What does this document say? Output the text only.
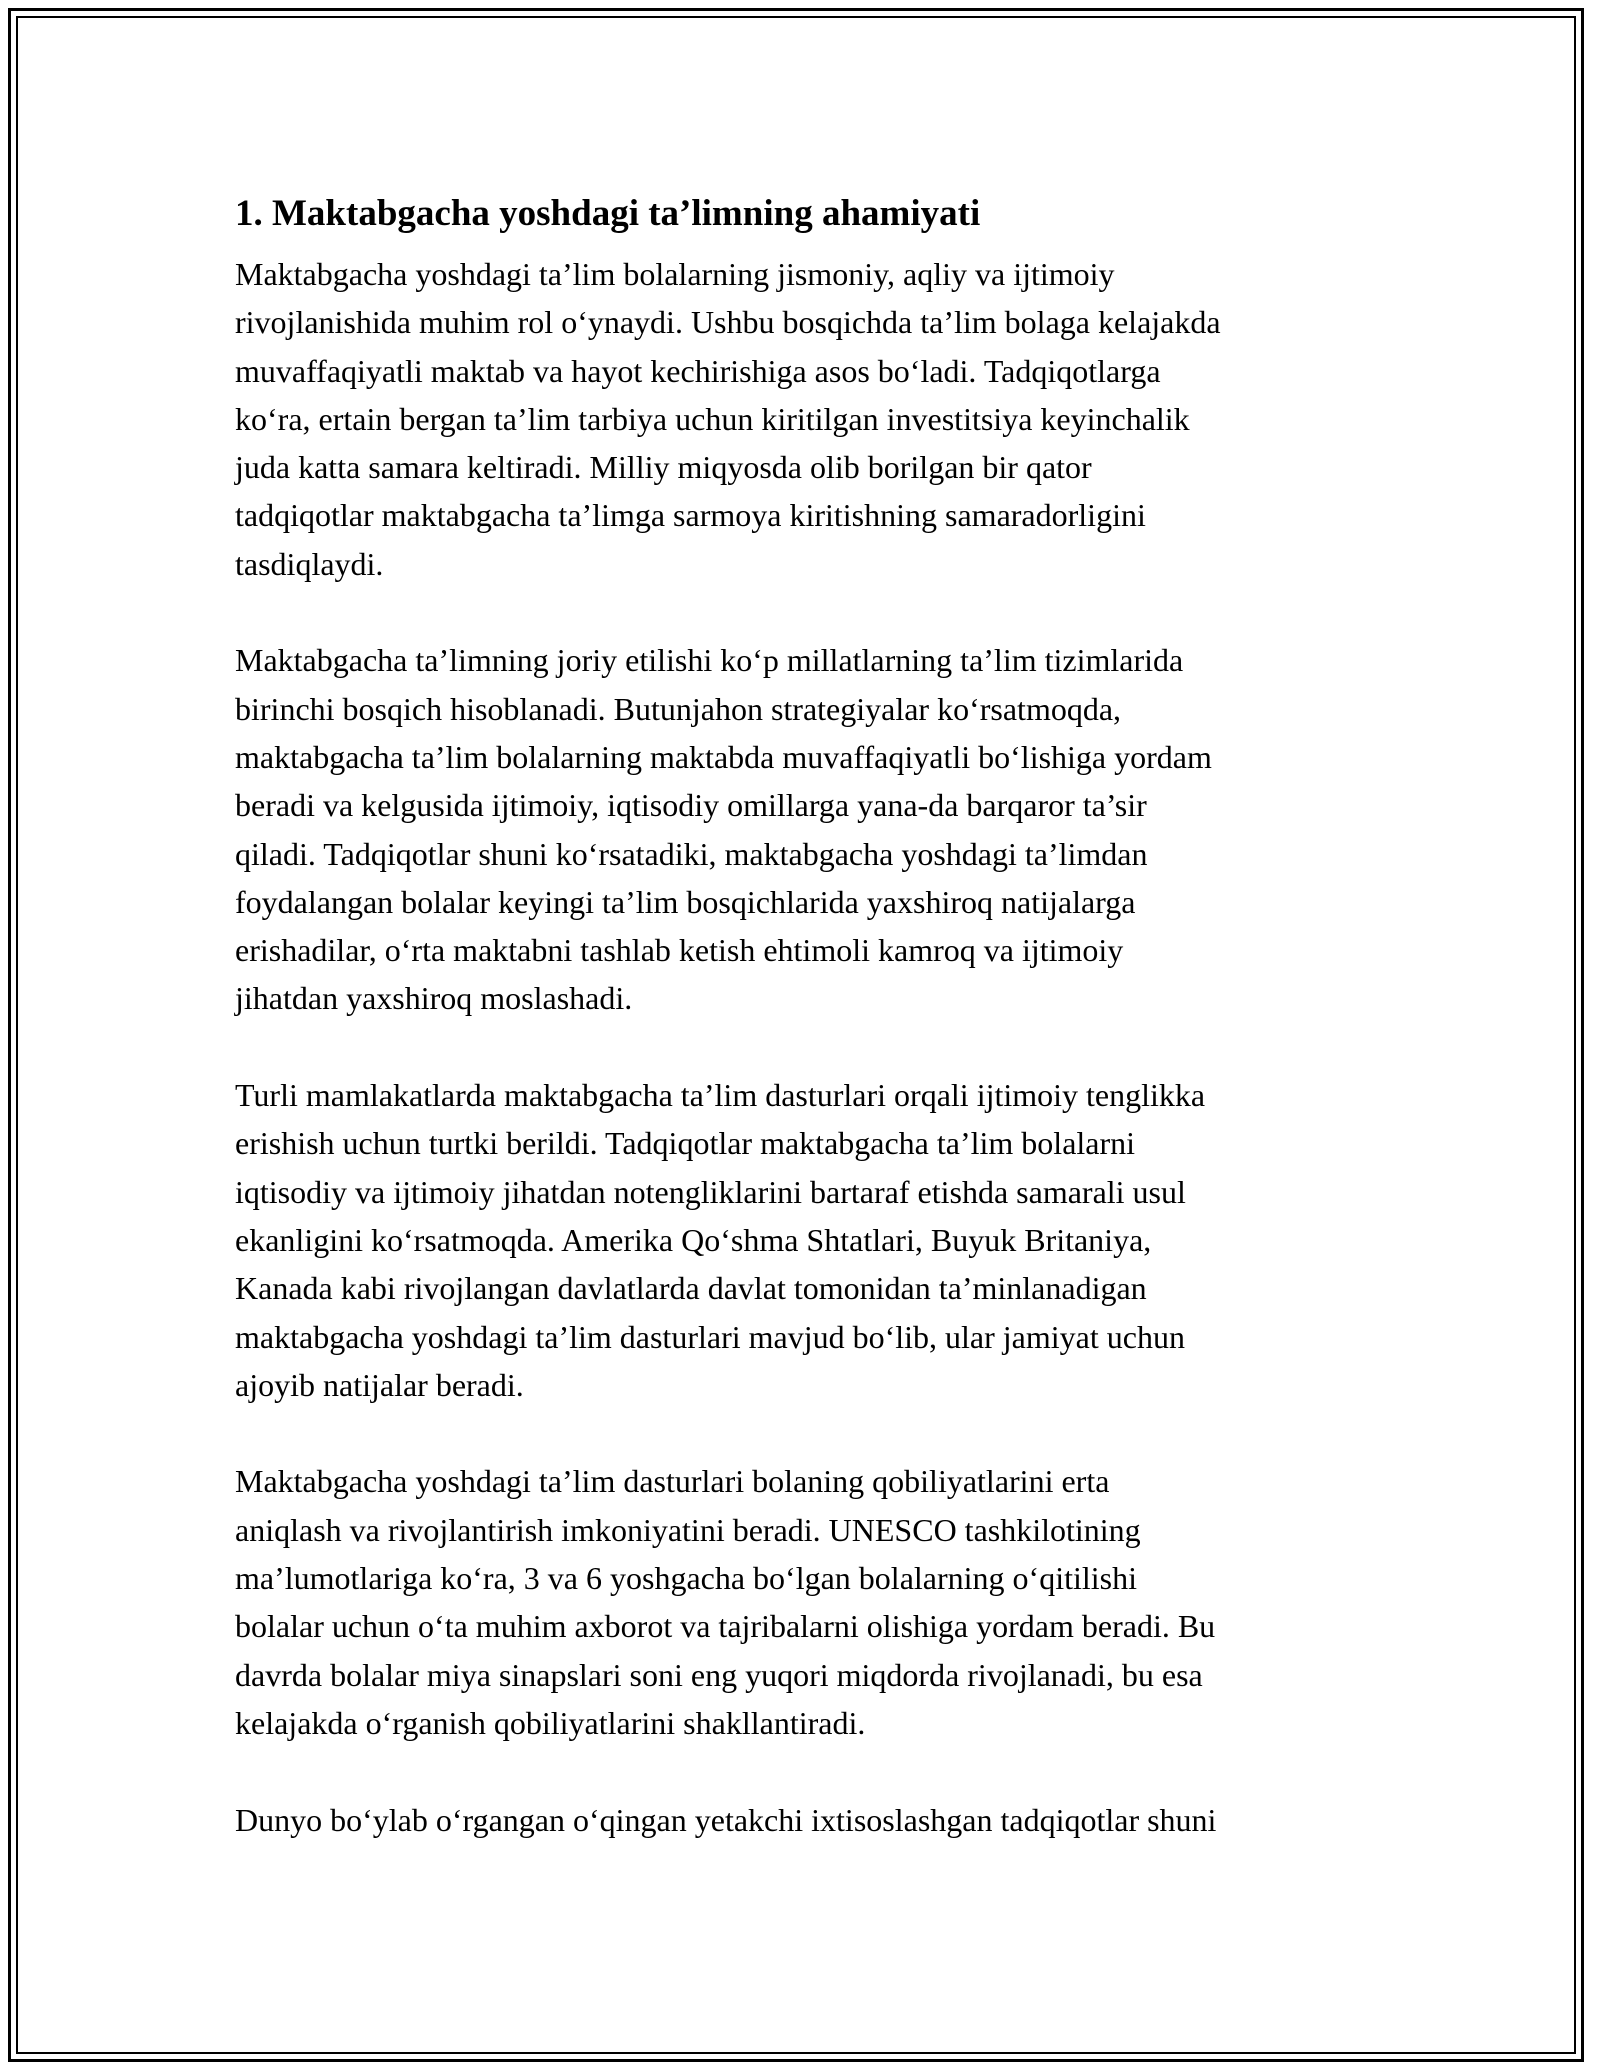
1. Maktabgacha yoshdagi ta’limning ahamiyati
Maktabgacha yoshdagi ta’lim bolalarning jismoniy, aqliy va ijtimoiy
rivojlanishida muhim rol o‘ynaydi. Ushbu bosqichda ta’lim bolaga kelajakda
muvaffaqiyatli maktab va hayot kechirishiga asos bo‘ladi. Tadqiqotlarga
ko‘ra, ertain bergan ta’lim tarbiya uchun kiritilgan investitsiya keyinchalik
juda katta samara keltiradi. Milliy miqyosda olib borilgan bir qator
tadqiqotlar maktabgacha ta’limga sarmoya kiritishning samaradorligini
tasdiqlaydi.
Maktabgacha ta’limning joriy etilishi ko‘p millatlarning ta’lim tizimlarida
birinchi bosqich hisoblanadi. Butunjahon strategiyalar ko‘rsatmoqda,
maktabgacha ta’lim bolalarning maktabda muvaffaqiyatli bo‘lishiga yordam
beradi va kelgusida ijtimoiy, iqtisodiy omillarga yana-da barqaror ta’sir
qiladi. Tadqiqotlar shuni ko‘rsatadiki, maktabgacha yoshdagi ta’limdan
foydalangan bolalar keyingi ta’lim bosqichlarida yaxshiroq natijalarga
erishadilar, o‘rta maktabni tashlab ketish ehtimoli kamroq va ijtimoiy
jihatdan yaxshiroq moslashadi.
Turli mamlakatlarda maktabgacha ta’lim dasturlari orqali ijtimoiy tenglikka
erishish uchun turtki berildi. Tadqiqotlar maktabgacha ta’lim bolalarni
iqtisodiy va ijtimoiy jihatdan notengliklarini bartaraf etishda samarali usul
ekanligini ko‘rsatmoqda. Amerika Qo‘shma Shtatlari, Buyuk Britaniya,
Kanada kabi rivojlangan davlatlarda davlat tomonidan ta’minlanadigan
maktabgacha yoshdagi ta’lim dasturlari mavjud bo‘lib, ular jamiyat uchun
ajoyib natijalar beradi.
Maktabgacha yoshdagi ta’lim dasturlari bolaning qobiliyatlarini erta
aniqlash va rivojlantirish imkoniyatini beradi. UNESCO tashkilotining
ma’lumotlariga ko‘ra, 3 va 6 yoshgacha bo‘lgan bolalarning o‘qitilishi
bolalar uchun o‘ta muhim axborot va tajribalarni olishiga yordam beradi. Bu
davrda bolalar miya sinapslari soni eng yuqori miqdorda rivojlanadi, bu esa
kelajakda o‘rganish qobiliyatlarini shakllantiradi.
Dunyo bo‘ylab o‘rgangan o‘qingan yetakchi ixtisoslashgan tadqiqotlar shuni
